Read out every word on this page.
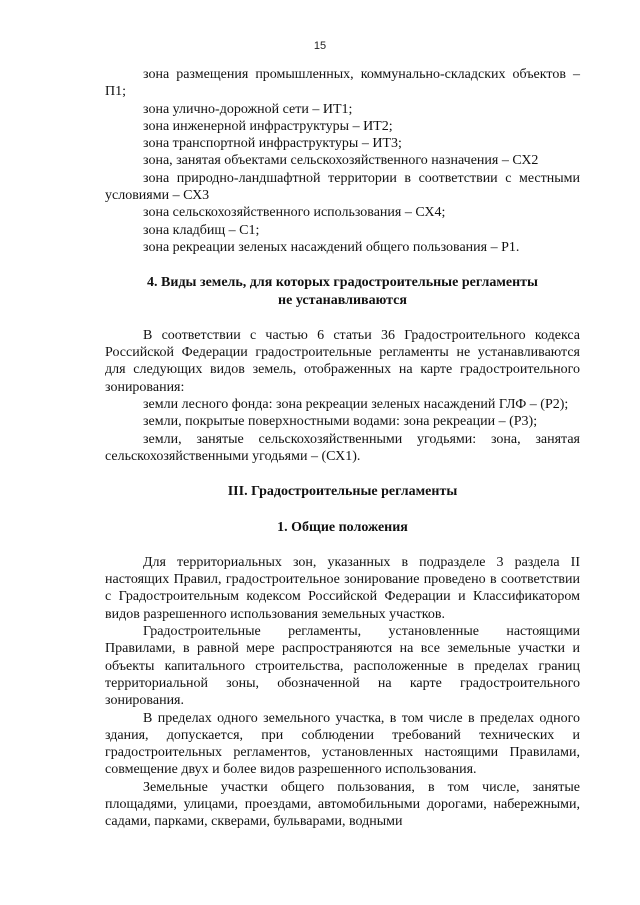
15

зона размещения промышленных, коммунально-складских объектов – П1;

зона улично-дорожной сети – ИТ1;

зона инженерной инфраструктуры – ИТ2;

зона транспортной инфраструктуры – ИТ3;

зона, занятая объектами сельскохозяйственного назначения – СХ2

зона природно-ландшафтной территории в соответствии с местными условиями – СХ3

зона сельскохозяйственного использования – СХ4;

зона кладбищ – С1;

зона рекреации зеленых насаждений общего пользования – Р1.

4. Виды земель, для которых градостроительные регламенты

не устанавливаются

В соответствии с частью 6 статьи 36 Градостроительного кодекса Российской Федерации градостроительные регламенты не устанавливаются для следующих видов земель, отображенных на карте градостроительного зонирования:

земли лесного фонда: зона рекреации зеленых насаждений ГЛФ – (Р2);

земли, покрытые поверхностными водами: зона рекреации – (Р3);

земли, занятые сельскохозяйственными угодьями: зона, занятая сельскохозяйственными угодьями – (СХ1).

III. Градостроительные регламенты

1. Общие положения

Для территориальных зон, указанных в подразделе 3 раздела II настоящих Правил, градостроительное зонирование проведено в соответствии с Градостроительным кодексом Российской Федерации и Классификатором видов разрешенного использования земельных участков.

Градостроительные регламенты, установленные настоящими Правилами, в равной мере распространяются на все земельные участки и объекты капитального строительства, расположенные в пределах границ территориальной зоны, обозначенной на карте градостроительного зонирования.

В пределах одного земельного участка, в том числе в пределах одного здания, допускается, при соблюдении требований технических и градостроительных регламентов, установленных настоящими Правилами, совмещение двух и более видов разрешенного использования.

Земельные участки общего пользования, в том числе, занятые площадями, улицами, проездами, автомобильными дорогами, набережными, садами, парками, скверами, бульварами, водными
